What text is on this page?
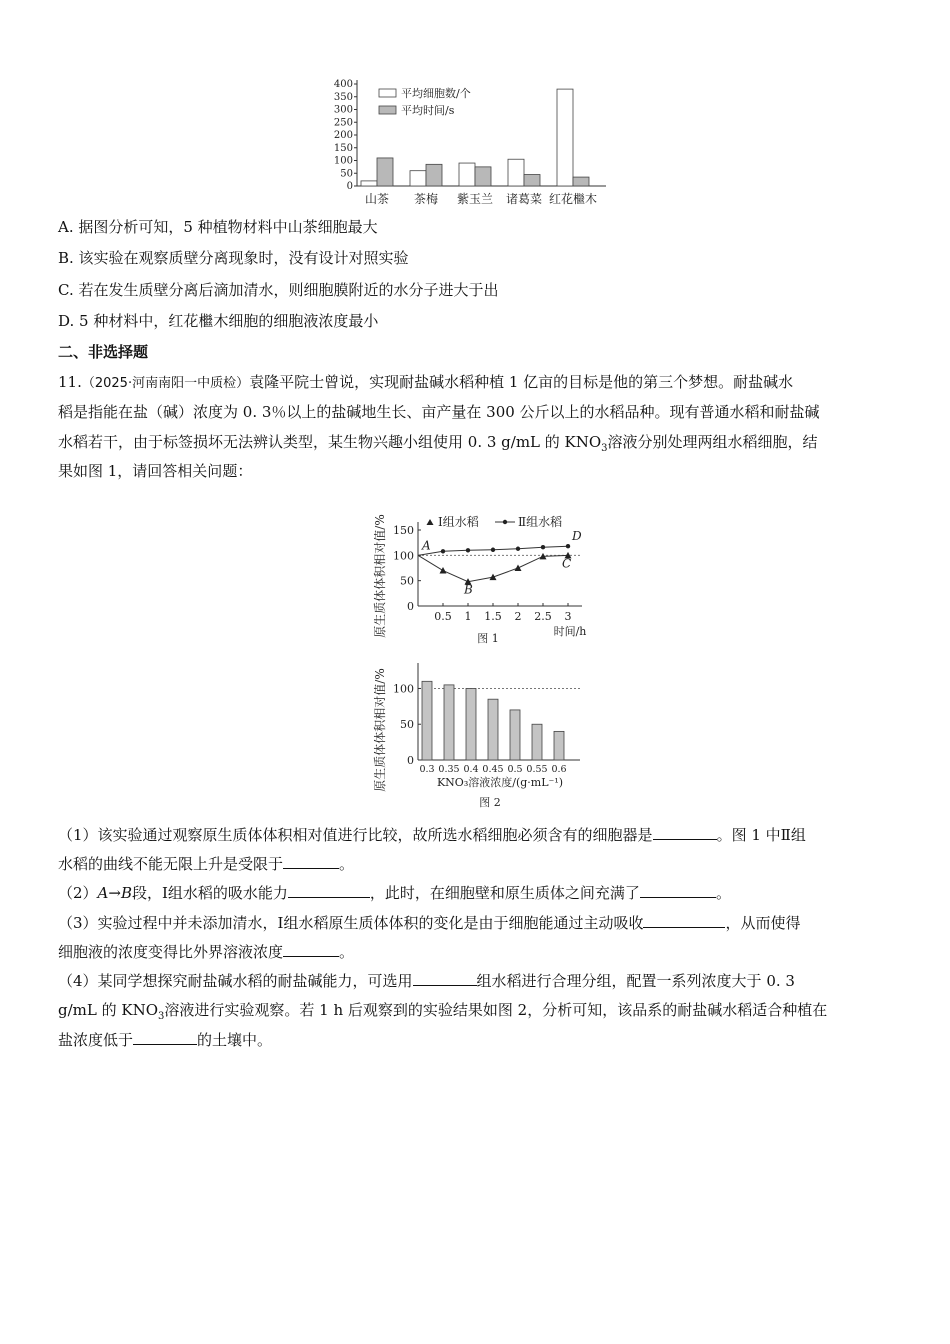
0
50
100
150
200
250
300
350
400
山茶 茶梅 紫玉兰 诸葛菜 红花檵木
平均细胞数/个
平均时间/s
A. 据图分析可知，5 种植物材料中山茶细胞最大
B. 该实验在观察质壁分离现象时，没有设计对照实验
C. 若在发生质壁分离后滴加清水，则细胞膜附近的水分子进大于出
D. 5 种材料中，红花檵木细胞的细胞液浓度最小
二、非选择题
11.（2025·河南南阳一中质检）袁隆平院士曾说，实现耐盐碱水稻种植 1 亿亩的目标是他的第三个梦想。耐盐碱水
稻是指能在盐（碱）浓度为 0. 3％以上的盐碱地生长、亩产量在 300 公斤以上的水稻品种。现有普通水稻和耐盐碱
水稻若干，由于标签损坏无法辨认类型，某生物兴趣小组使用 0. 3 g/mL 的 $KNO_3$溶液分别处理两组水稻细胞，结
果如图 1，请回答相关问题：
0
50
100
150
0.5 1 1.5 2 2.5 3
时间/h
图 1
原生质体体积相对值/%	A
B
C
D
Ⅰ组水稻	Ⅱ组水稻
0
50
100
0.3 0.35 0.4 0.45 0.5 0.55 0.6
KNO₃溶液浓度/(g·mL⁻¹)
图 2
原生质体体积相对值/%
（1）该实验通过观察原生质体体积相对值进行比较，故所选水稻细胞必须含有的细胞器是	。图 1 中Ⅱ组
水稻的曲线不能无限上升是受限于	。
（2）A→B段，Ⅰ组水稻的吸水能力	，此时，在细胞壁和原生质体之间充满了	。
（3）实验过程中并未添加清水，Ⅰ组水稻原生质体体积的变化是由于细胞能通过主动吸收	，从而使得
细胞液的浓度变得比外界溶液浓度	。
（4）某同学想探究耐盐碱水稻的耐盐碱能力，可选用	组水稻进行合理分组，配置一系列浓度大于 0. 3
g/mL 的 $KNO_3$溶液进行实验观察。若 1 h 后观察到的实验结果如图 2，分析可知，该品系的耐盐碱水稻适合种植在
盐浓度低于	的土壤中。
